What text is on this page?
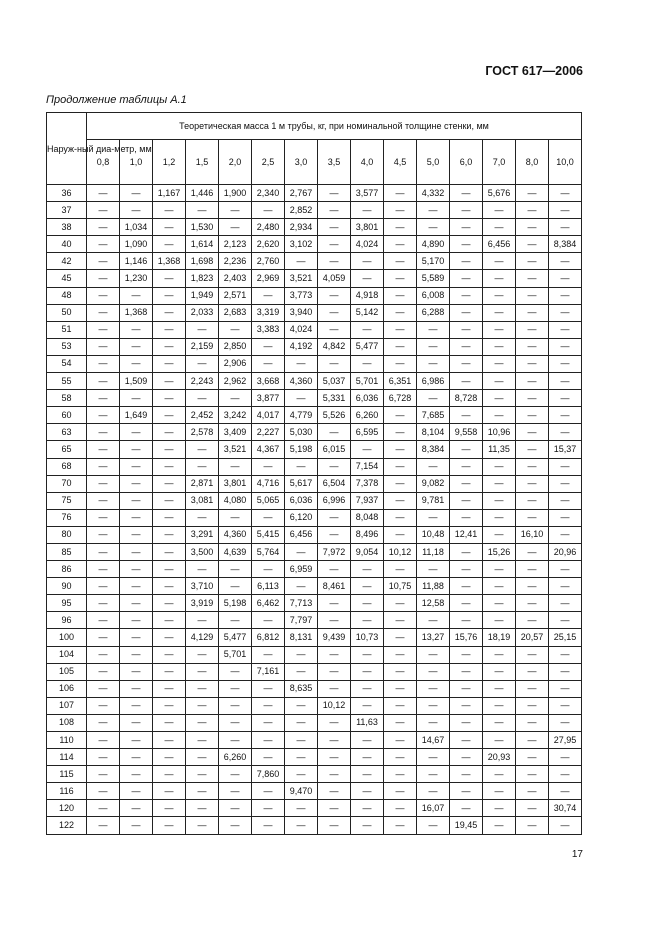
ГОСТ 617—2006
Продолжение таблицы А.1
Наруж-ный диа-метр, мм	Теоретическая масса 1 м трубы, кг, при номинальной толщине стенки, мм														
	0,8	1,0	1,2	1,5	2,0	2,5	3,0	3,5	4,0	4,5	5,0	6,0	7,0	8,0	10,0
36	—	—	1,167	1,446	1,900	2,340	2,767	—	3,577	—	4,332	—	5,676	—	—
37	—	—	—	—	—	—	2,852	—	—	—	—	—	—	—	—
38	—	1,034	—	1,530	—	2,480	2,934	—	3,801	—	—	—	—	—	—
40	—	1,090	—	1,614	2,123	2,620	3,102	—	4,024	—	4,890	—	6,456	—	8,384
42	—	1,146	1,368	1,698	2,236	2,760	—	—	—	—	5,170	—	—	—	—
45	—	1,230	—	1,823	2,403	2,969	3,521	4,059	—	—	5,589	—	—	—	—
48	—	—	—	1,949	2,571	—	3,773	—	4,918	—	6,008	—	—	—	—
50	—	1,368	—	2,033	2,683	3,319	3,940	—	5,142	—	6,288	—	—	—	—
51	—	—	—	—	—	3,383	4,024	—	—	—	—	—	—	—	—
53	—	—	—	2,159	2,850	—	4,192	4,842	5,477	—	—	—	—	—	—
54	—	—	—	—	2,906	—	—	—	—	—	—	—	—	—	—
55	—	1,509	—	2,243	2,962	3,668	4,360	5,037	5,701	6,351	6,986	—	—	—	—
58	—	—	—	—	—	3,877	—	5,331	6,036	6,728	—	8,728	—	—	—
60	—	1,649	—	2,452	3,242	4,017	4,779	5,526	6,260	—	7,685	—	—	—	—
63	—	—	—	2,578	3,409	2,227	5,030	—	6,595	—	8,104	9,558	10,96	—	—
65	—	—	—	—	3,521	4,367	5,198	6,015	—	—	8,384	—	11,35	—	15,37
68	—	—	—	—	—	—	—	—	7,154	—	—	—	—	—	—
70	—	—	—	2,871	3,801	4,716	5,617	6,504	7,378	—	9,082	—	—	—	—
75	—	—	—	3,081	4,080	5,065	6,036	6,996	7,937	—	9,781	—	—	—	—
76	—	—	—	—	—	—	6,120	—	8,048	—	—	—	—	—	—
80	—	—	—	3,291	4,360	5,415	6,456	—	8,496	—	10,48	12,41	—	16,10	—
85	—	—	—	3,500	4,639	5,764	—	7,972	9,054	10,12	11,18	—	15,26	—	20,96
86	—	—	—	—	—	—	6,959	—	—	—	—	—	—	—	—
90	—	—	—	3,710	—	6,113	—	8,461	—	10,75	11,88	—	—	—	—
95	—	—	—	3,919	5,198	6,462	7,713	—	—	—	12,58	—	—	—	—
96	—	—	—	—	—	—	7,797	—	—	—	—	—	—	—	—
100	—	—	—	4,129	5,477	6,812	8,131	9,439	10,73	—	13,27	15,76	18,19	20,57	25,15
104	—	—	—	—	5,701	—	—	—	—	—	—	—	—	—	—
105	—	—	—	—	—	7,161	—	—	—	—	—	—	—	—	—
106	—	—	—	—	—	—	8,635	—	—	—	—	—	—	—	—
107	—	—	—	—	—	—	—	10,12	—	—	—	—	—	—	—
108	—	—	—	—	—	—	—	—	11,63	—	—	—	—	—	—
110	—	—	—	—	—	—	—	—	—	—	14,67	—	—	—	27,95
114	—	—	—	—	6,260	—	—	—	—	—	—	—	20,93	—	—
115	—	—	—	—	—	7,860	—	—	—	—	—	—	—	—	—
116	—	—	—	—	—	—	9,470	—	—	—	—	—	—	—	—
120	—	—	—	—	—	—	—	—	—	—	16,07	—	—	—	30,74
122	—	—	—	—	—	—	—	—	—	—	—	19,45	—	—	—
17
